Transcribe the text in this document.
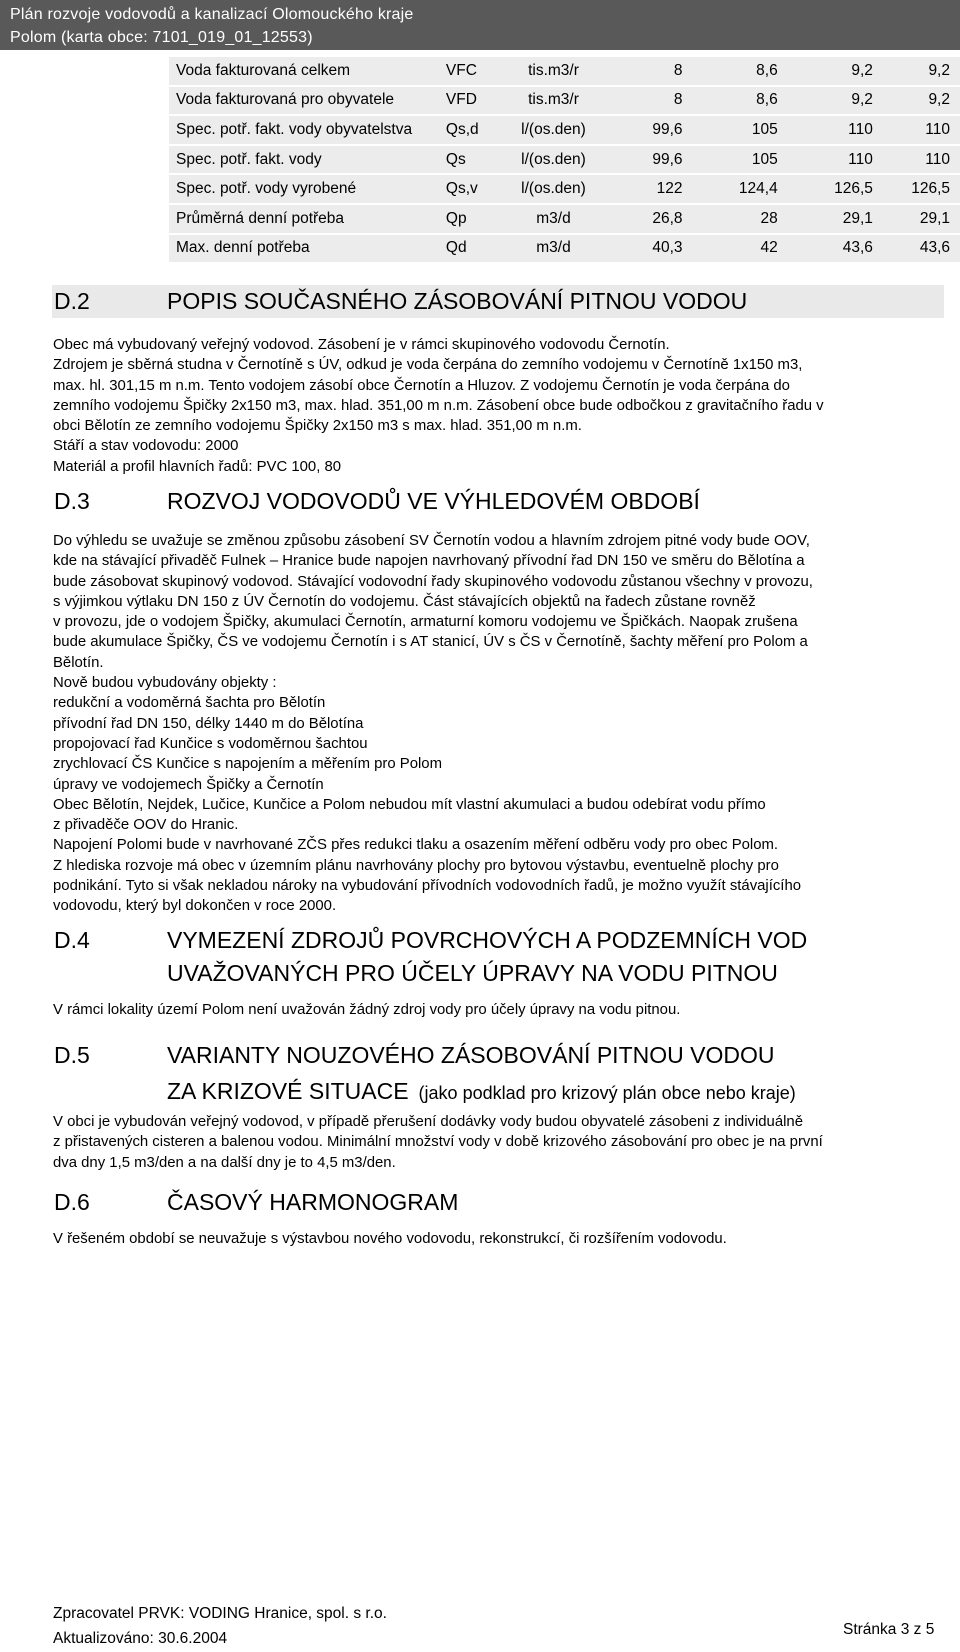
Plán rozvoje vodovodů a kanalizací Olomouckého kraje
Polom (karta obce: 7101_019_01_12553)
Voda fakturovaná celkem	VFC	tis.m3/r	8	8,6	9,2	9,2
Voda fakturovaná pro obyvatele	VFD	tis.m3/r	8	8,6	9,2	9,2
Spec. potř. fakt. vody obyvatelstva	Qs,d	l/(os.den)	99,6	105	110	110
Spec. potř. fakt. vody	Qs	l/(os.den)	99,6	105	110	110
Spec. potř. vody vyrobené	Qs,v	l/(os.den)	122	124,4	126,5	126,5
Průměrná denní potřeba	Qp	m3/d	26,8	28	29,1	29,1
Max. denní potřeba	Qd	m3/d	40,3	42	43,6	43,6
D.2	POPIS SOUČASNÉHO ZÁSOBOVÁNÍ PITNOU VODOU
Obec má vybudovaný veřejný vodovod. Zásobení je v rámci skupinového vodovodu Černotín.
Zdrojem je sběrná studna v Černotíně s ÚV, odkud je voda čerpána do zemního vodojemu v Černotíně 1x150 m3,
max. hl. 301,15 m n.m. Tento vodojem zásobí obce Černotín a Hluzov. Z vodojemu Černotín je voda čerpána do
zemního vodojemu Špičky 2x150 m3, max. hlad. 351,00 m n.m. Zásobení obce bude odbočkou z gravitačního řadu v
obci Bělotín ze zemního vodojemu Špičky 2x150 m3 s max. hlad. 351,00 m n.m.
Stáří a stav vodovodu: 2000
Materiál a profil hlavních řadů: PVC 100, 80
D.3	ROZVOJ VODOVODŮ VE VÝHLEDOVÉM OBDOBÍ
Do výhledu se uvažuje se změnou způsobu zásobení SV Černotín vodou a hlavním zdrojem pitné vody bude OOV,
kde na stávající přivaděč Fulnek – Hranice bude napojen navrhovaný přívodní řad DN 150 ve směru do Bělotína a
bude zásobovat skupinový vodovod. Stávající vodovodní řady skupinového vodovodu zůstanou všechny v provozu,
s výjimkou výtlaku DN 150 z ÚV Černotín do vodojemu. Část stávajících objektů na řadech zůstane rovněž
v provozu, jde o vodojem Špičky, akumulaci Černotín, armaturní komoru vodojemu ve Špičkách. Naopak zrušena
bude akumulace Špičky, ČS ve vodojemu Černotín i s AT stanicí, ÚV s ČS v Černotíně, šachty měření pro Polom a
Bělotín.
Nově budou vybudovány objekty :
redukční a vodoměrná šachta pro Bělotín
přívodní řad DN 150, délky 1440 m do Bělotína
propojovací řad Kunčice s vodoměrnou šachtou
zrychlovací ČS Kunčice s napojením a měřením pro Polom
úpravy ve vodojemech Špičky a Černotín
Obec Bělotín, Nejdek, Lučice, Kunčice a Polom nebudou mít vlastní akumulaci a budou odebírat vodu přímo
z přivaděče OOV do Hranic.
Napojení Polomi bude v navrhované ZČS přes redukci tlaku a osazením měření odběru vody pro obec Polom.
Z hlediska rozvoje má obec v územním plánu navrhovány plochy pro bytovou výstavbu, eventuelně plochy pro
podnikání. Tyto si však nekladou nároky na vybudování přívodních vodovodních řadů, je možno využít stávajícího
vodovodu, který byl dokončen v roce 2000.
D.4	VYMEZENÍ ZDROJŮ POVRCHOVÝCH A PODZEMNÍCH VOD
UVAŽOVANÝCH PRO ÚČELY ÚPRAVY NA VODU PITNOU
V rámci lokality území Polom není uvažován žádný zdroj vody pro účely úpravy na vodu pitnou.
D.5	VARIANTY NOUZOVÉHO ZÁSOBOVÁNÍ PITNOU VODOU
ZA KRIZOVÉ SITUACE (jako podklad pro krizový plán obce nebo kraje)
V obci je vybudován veřejný vodovod, v případě přerušení dodávky vody budou obyvatelé zásobeni z individuálně
z přistavených cisteren a balenou vodou. Minimální množství vody v době krizového zásobování pro obec je na první
dva dny 1,5 m3/den a na další dny je to 4,5 m3/den.
D.6	ČASOVÝ HARMONOGRAM
V řešeném období se neuvažuje s výstavbou nového vodovodu, rekonstrukcí, či rozšířením vodovodu.
Zpracovatel PRVK: VODING Hranice, spol. s r.o.
Aktualizováno: 30.6.2004
Stránka 3 z 5
